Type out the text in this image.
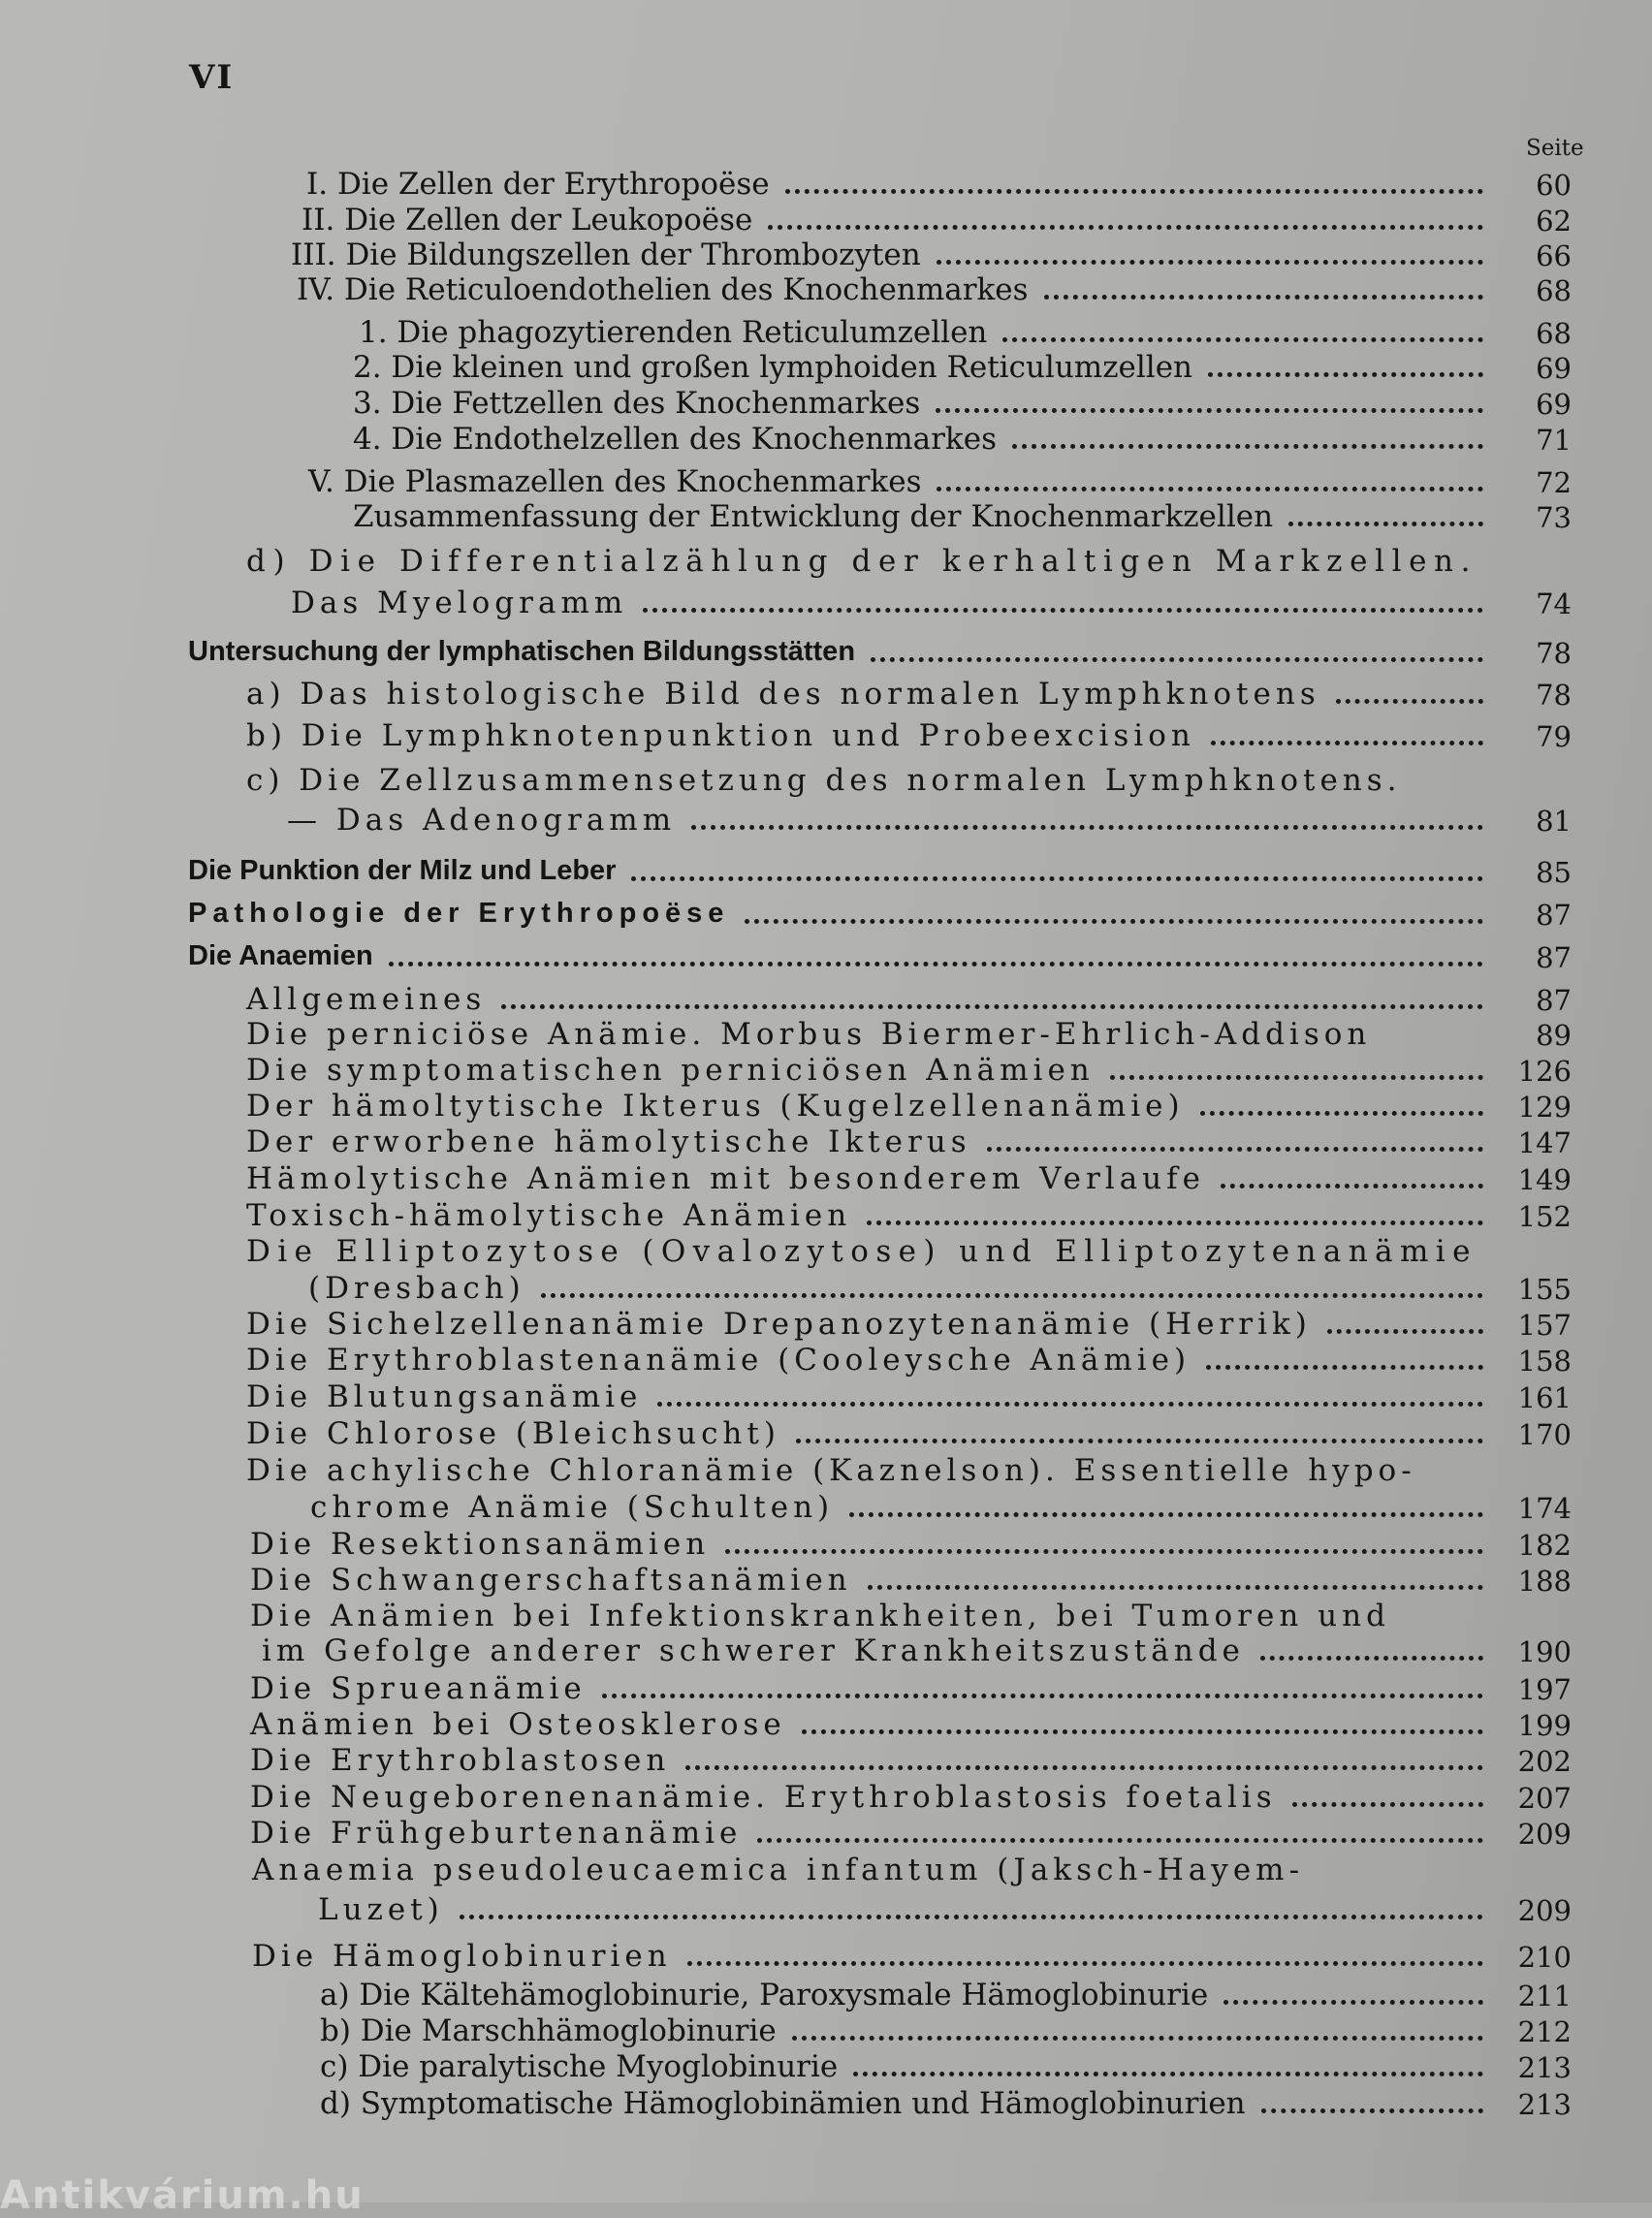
VI
Seite
I. Die Zellen der Erythropoëse	60
II. Die Zellen der Leukopoëse	62
III. Die Bildungszellen der Thrombozyten	66
IV. Die Reticuloendothelien des Knochenmarkes	68
1. Die phagozytierenden Reticulumzellen	68
2. Die kleinen und großen lymphoiden Reticulumzellen	69
3. Die Fettzellen des Knochenmarkes	69
4. Die Endothelzellen des Knochenmarkes	71
V. Die Plasmazellen des Knochenmarkes	72
Zusammenfassung der Entwicklung der Knochenmarkzellen	73
d) Die Differentialzählung der kerhaltigen Markzellen.
Das Myelogramm	74
Untersuchung der lymphatischen Bildungsstätten	78
a) Das histologische Bild des normalen Lymphknotens	78
b) Die Lymphknotenpunktion und Probeexcision	79
c) Die Zellzusammensetzung des normalen Lymphknotens.
— Das Adenogramm	81
Die Punktion der Milz und Leber	85
Pathologie der Erythropoëse	87
Die Anaemien	87
Allgemeines	87
Die perniciöse Anämie. Morbus Biermer-Ehrlich-Addison	89
Die symptomatischen perniciösen Anämien	126
Der hämoltytische Ikterus (Kugelzellenanämie)	129
Der erworbene hämolytische Ikterus	147
Hämolytische Anämien mit besonderem Verlaufe	149
Toxisch-hämolytische Anämien	152
Die Elliptozytose (Ovalozytose) und Elliptozytenanämie
(Dresbach)	155
Die Sichelzellenanämie Drepanozytenanämie (Herrik)	157
Die Erythroblastenanämie (Cooleysche Anämie)	158
Die Blutungsanämie	161
Die Chlorose (Bleichsucht)	170
Die achylische Chloranämie (Kaznelson). Essentielle hypo-
chrome Anämie (Schulten)	174
Die Resektionsanämien	182
Die Schwangerschaftsanämien	188
Die Anämien bei Infektionskrankheiten, bei Tumoren und
im Gefolge anderer schwerer Krankheitszustände	190
Die Sprueanämie	197
Anämien bei Osteosklerose	199
Die Erythroblastosen	202
Die Neugeborenenanämie. Erythroblastosis foetalis	207
Die Frühgeburtenanämie	209
Anaemia pseudoleucaemica infantum (Jaksch-Hayem-
Luzet)	209
Die Hämoglobinurien	210
a) Die Kältehämoglobinurie, Paroxysmale Hämoglobinurie	211
b) Die Marschhämoglobinurie	212
c) Die paralytische Myoglobinurie	213
d) Symptomatische Hämoglobinämien und Hämoglobinurien	213
Antikvárium.hu
